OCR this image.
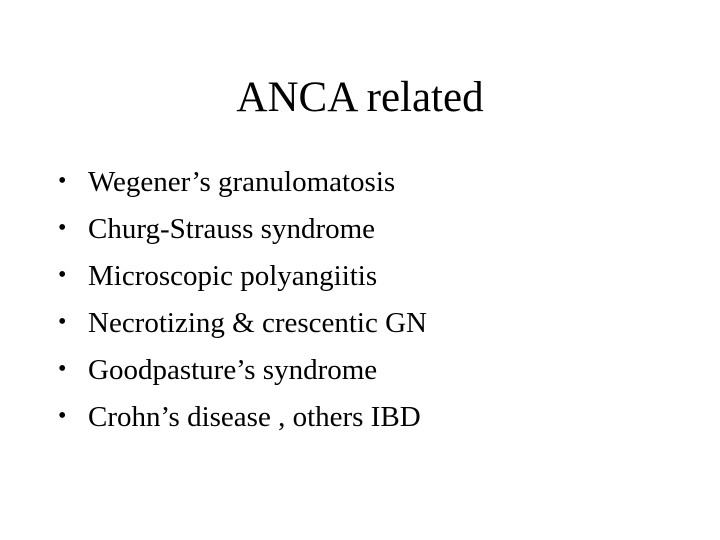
ANCA related
• Wegener’s granulomatosis
• Churg-Strauss syndrome
• Microscopic polyangiitis
• Necrotizing & crescentic GN
• Goodpasture’s syndrome
• Crohn’s disease , others IBD
